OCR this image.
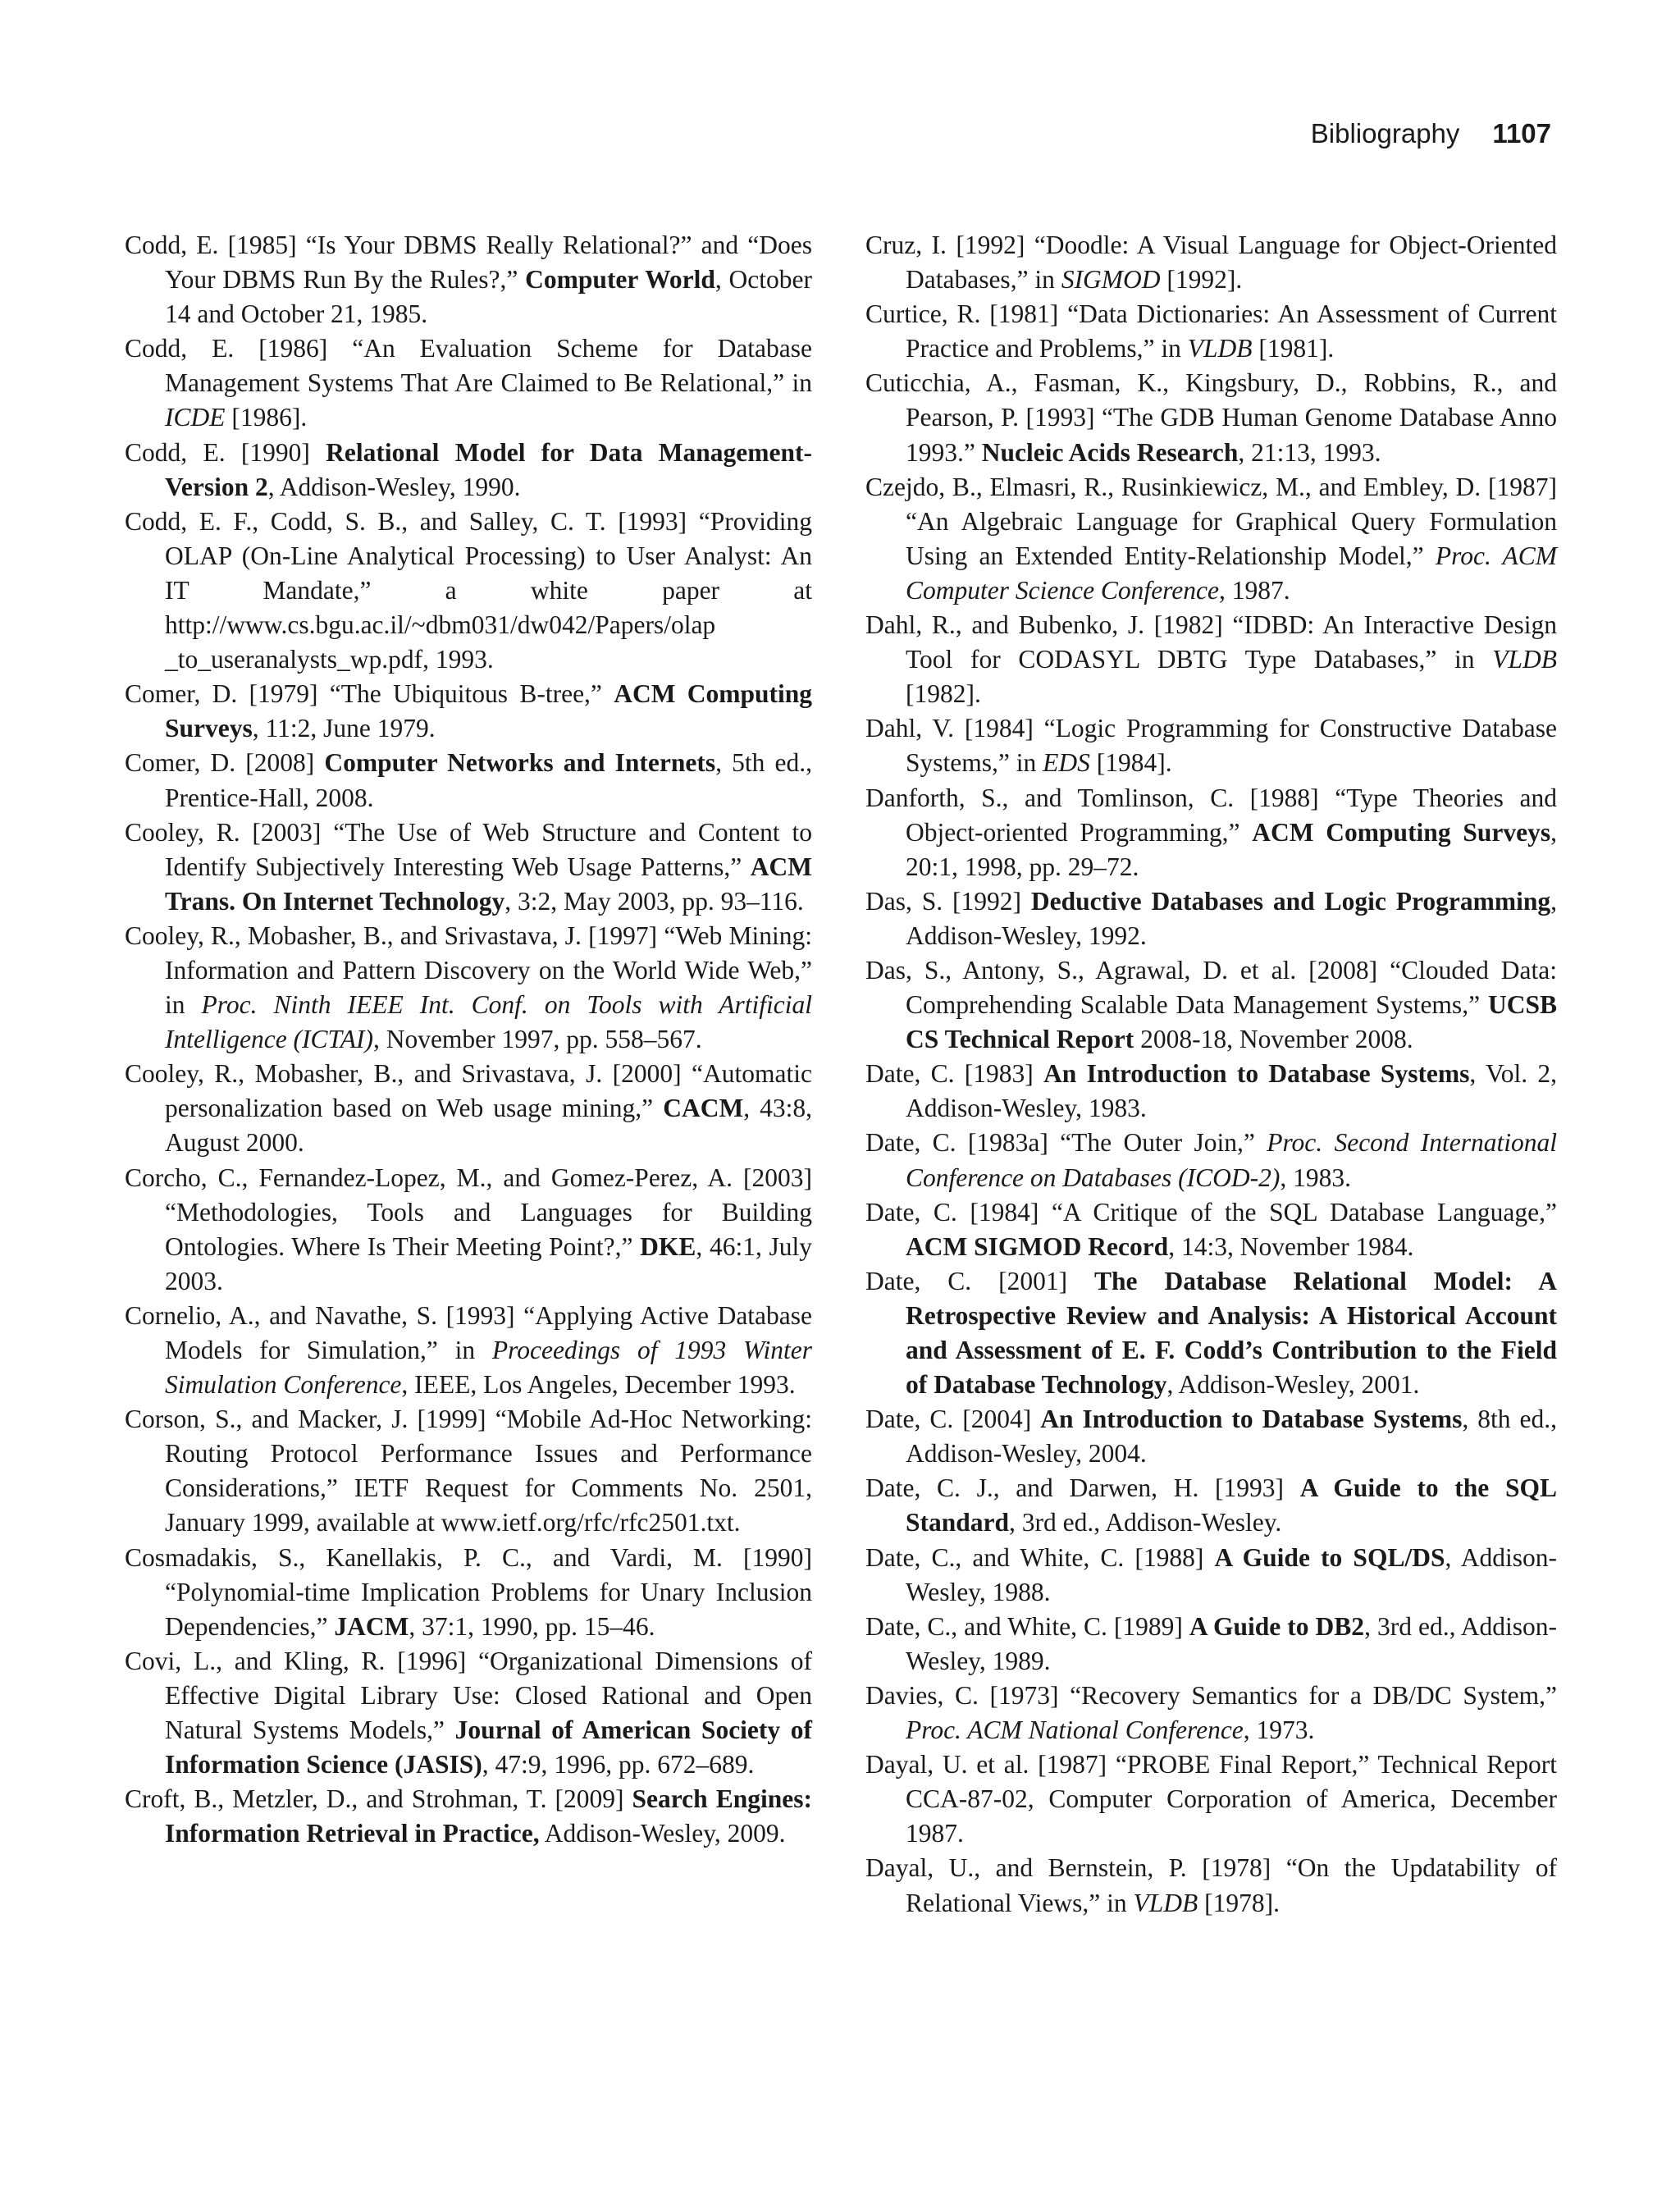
Bibliography 1107

Codd, E. [1985] “Is Your DBMS Really Relational?” and “Does Your DBMS Run By the Rules?,” Computer World, October 14 and October 21, 1985.

Codd, E. [1986] “An Evaluation Scheme for Database Management Systems That Are Claimed to Be Relational,” in ICDE [1986].

Codd, E. [1990] Relational Model for Data Management-Version 2, Addison-Wesley, 1990.

Codd, E. F., Codd, S. B., and Salley, C. T. [1993] “Providing OLAP (On-Line Analytical Processing) to User Analyst: An IT Mandate,” a white paper at http://www.cs.bgu.ac.il/~dbm031/dw042/Papers/olap _to_useranalysts_wp.pdf, 1993.

Comer, D. [1979] “The Ubiquitous B-tree,” ACM Computing Surveys, 11:2, June 1979.

Comer, D. [2008] Computer Networks and Internets, 5th ed., Prentice-Hall, 2008.

Cooley, R. [2003] “The Use of Web Structure and Content to Identify Subjectively Interesting Web Usage Patterns,” ACM Trans. On Internet Technology, 3:2, May 2003, pp. 93–116.

Cooley, R., Mobasher, B., and Srivastava, J. [1997] “Web Mining: Information and Pattern Discovery on the World Wide Web,” in Proc. Ninth IEEE Int. Conf. on Tools with Artificial Intelligence (ICTAI), November 1997, pp. 558–567.

Cooley, R., Mobasher, B., and Srivastava, J. [2000] “Automatic personalization based on Web usage mining,” CACM, 43:8, August 2000.

Corcho, C., Fernandez-Lopez, M., and Gomez-Perez, A. [2003] “Methodologies, Tools and Languages for Building Ontologies. Where Is Their Meeting Point?,” DKE, 46:1, July 2003.

Cornelio, A., and Navathe, S. [1993] “Applying Active Database Models for Simulation,” in Proceedings of 1993 Winter Simulation Conference, IEEE, Los Angeles, December 1993.

Corson, S., and Macker, J. [1999] “Mobile Ad-Hoc Networking: Routing Protocol Performance Issues and Performance Considerations,” IETF Request for Comments No. 2501, January 1999, available at www.ietf.org/rfc/rfc2501.txt.

Cosmadakis, S., Kanellakis, P. C., and Vardi, M. [1990] “Polynomial-time Implication Problems for Unary Inclusion Dependencies,” JACM, 37:1, 1990, pp. 15–46.

Covi, L., and Kling, R. [1996] “Organizational Dimensions of Effective Digital Library Use: Closed Rational and Open Natural Systems Models,” Journal of American Society of Information Science (JASIS), 47:9, 1996, pp. 672–689.

Croft, B., Metzler, D., and Strohman, T. [2009] Search Engines: Information Retrieval in Practice, Addison-Wesley, 2009.

Cruz, I. [1992] “Doodle: A Visual Language for Object-Oriented Databases,” in SIGMOD [1992].

Curtice, R. [1981] “Data Dictionaries: An Assessment of Current Practice and Problems,” in VLDB [1981].

Cuticchia, A., Fasman, K., Kingsbury, D., Robbins, R., and Pearson, P. [1993] “The GDB Human Genome Database Anno 1993.” Nucleic Acids Research, 21:13, 1993.

Czejdo, B., Elmasri, R., Rusinkiewicz, M., and Embley, D. [1987] “An Algebraic Language for Graphical Query Formulation Using an Extended Entity-Relationship Model,” Proc. ACM Computer Science Conference, 1987.

Dahl, R., and Bubenko, J. [1982] “IDBD: An Interactive Design Tool for CODASYL DBTG Type Databases,” in VLDB [1982].

Dahl, V. [1984] “Logic Programming for Constructive Database Systems,” in EDS [1984].

Danforth, S., and Tomlinson, C. [1988] “Type Theories and Object-oriented Programming,” ACM Computing Surveys, 20:1, 1998, pp. 29–72.

Das, S. [1992] Deductive Databases and Logic Programming, Addison-Wesley, 1992.

Das, S., Antony, S., Agrawal, D. et al. [2008] “Clouded Data: Comprehending Scalable Data Management Systems,” UCSB CS Technical Report 2008-18, November 2008.

Date, C. [1983] An Introduction to Database Systems, Vol. 2, Addison-Wesley, 1983.

Date, C. [1983a] “The Outer Join,” Proc. Second International Conference on Databases (ICOD-2), 1983.

Date, C. [1984] “A Critique of the SQL Database Language,” ACM SIGMOD Record, 14:3, November 1984.

Date, C. [2001] The Database Relational Model: A Retrospective Review and Analysis: A Historical Account and Assessment of E. F. Codd’s Contribution to the Field of Database Technology, Addison-Wesley, 2001.

Date, C. [2004] An Introduction to Database Systems, 8th ed., Addison-Wesley, 2004.

Date, C. J., and Darwen, H. [1993] A Guide to the SQL Standard, 3rd ed., Addison-Wesley.

Date, C., and White, C. [1988] A Guide to SQL/DS, Addison-Wesley, 1988.

Date, C., and White, C. [1989] A Guide to DB2, 3rd ed., Addison-Wesley, 1989.

Davies, C. [1973] “Recovery Semantics for a DB/DC System,” Proc. ACM National Conference, 1973.

Dayal, U. et al. [1987] “PROBE Final Report,” Technical Report CCA-87-02, Computer Corporation of America, December 1987.

Dayal, U., and Bernstein, P. [1978] “On the Updatability of Relational Views,” in VLDB [1978].
